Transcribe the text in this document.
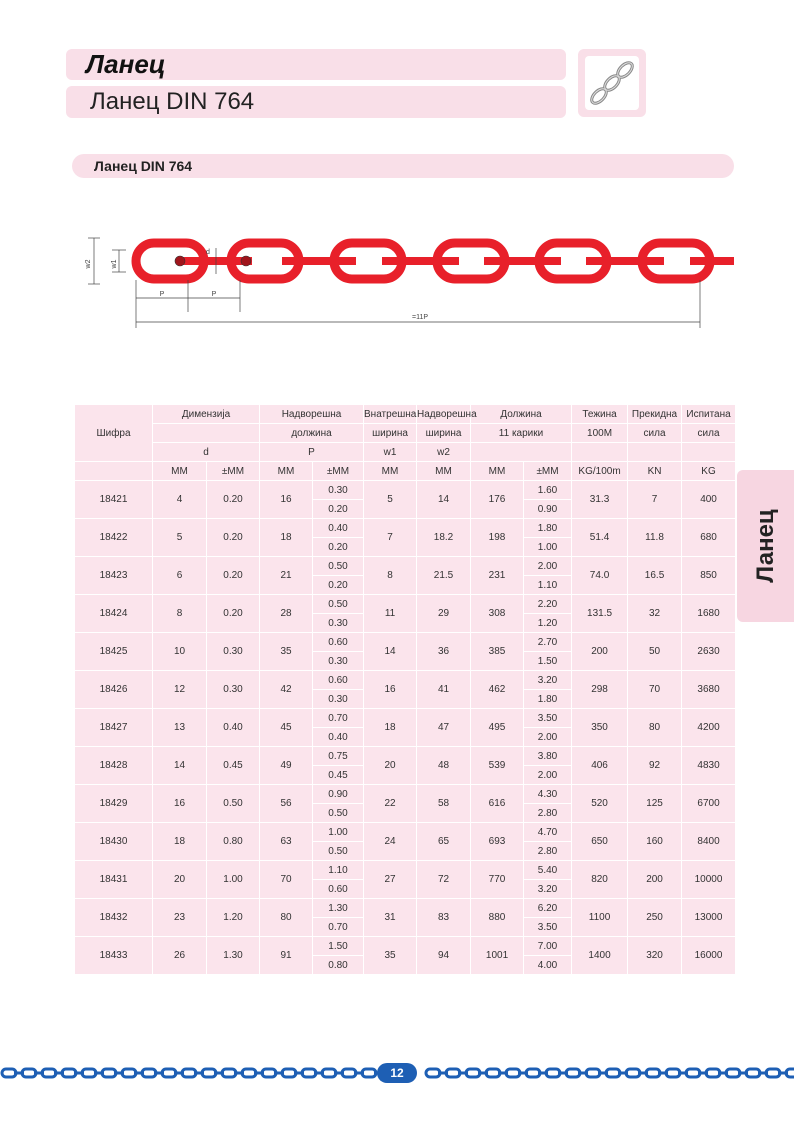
Ланец
Ланец DIN 764
Ланец DIN 764
w2	w1
d
P	P
=11P
Шифра	Димензија		Надворешна		Внатрешна	Надворешна	Должина		Тежина	Прекидна	Испитана
			должина		ширина	ширина	11 карики		100M	сила	сила
	d		P		w1	w2					
	ММ	±ММ	ММ	±ММ	ММ	ММ	ММ	±ММ	KG/100m	KN	KG
18421	4	0.20	16	0.30	5	14	176	1.60	31.3	7	400
				0.20				0.90			
18422	5	0.20	18	0.40	7	18.2	198	1.80	51.4	11.8	680
				0.20				1.00			
18423	6	0.20	21	0.50	8	21.5	231	2.00	74.0	16.5	850
				0.20				1.10			
18424	8	0.20	28	0.50	11	29	308	2.20	131.5	32	1680
				0.30				1.20			
18425	10	0.30	35	0.60	14	36	385	2.70	200	50	2630
				0.30				1.50			
18426	12	0.30	42	0.60	16	41	462	3.20	298	70	3680
				0.30				1.80			
18427	13	0.40	45	0.70	18	47	495	3.50	350	80	4200
				0.40				2.00			
18428	14	0.45	49	0.75	20	48	539	3.80	406	92	4830
				0.45				2.00			
18429	16	0.50	56	0.90	22	58	616	4.30	520	125	6700
				0.50				2.80			
18430	18	0.80	63	1.00	24	65	693	4.70	650	160	8400
				0.50				2.80			
18431	20	1.00	70	1.10	27	72	770	5.40	820	200	10000
				0.60				3.20			
18432	23	1.20	80	1.30	31	83	880	6.20	1100	250	13000
				0.70				3.50			
18433	26	1.30	91	1.50	35	94	1001	7.00	1400	320	16000
				0.80				4.00			
Ланец
12
